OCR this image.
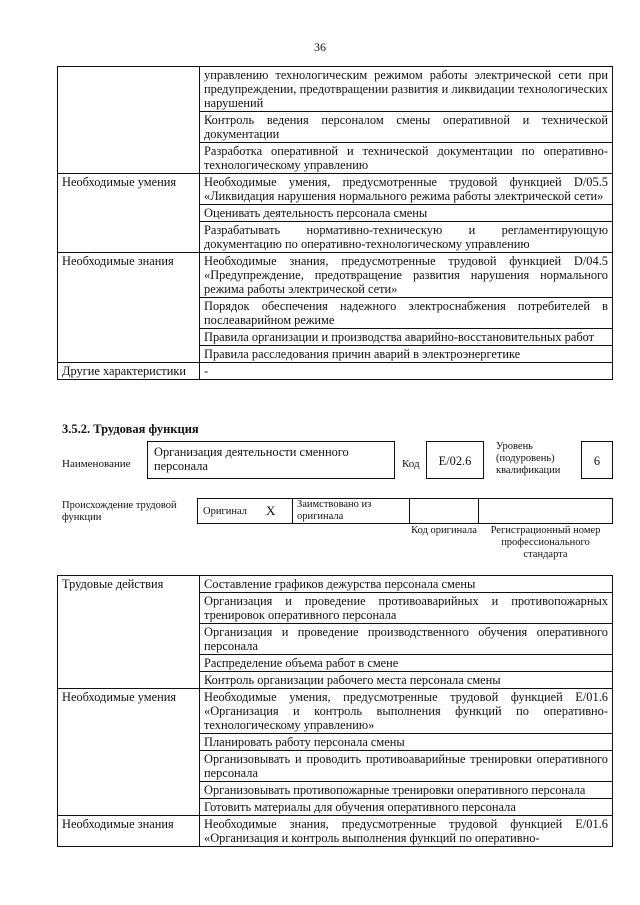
36
	управлению технологическим режимом работы электрической сети при предупреждении, предотвращении развития и ликвидации технологических нарушений
	Контроль ведения персоналом смены оперативной и технической документации
	Разработка оперативной и технической документации по оперативно-технологическому управлению
Необходимые умения	Необходимые умения, предусмотренные трудовой функцией D/05.5 «Ликвидация нарушения нормального режима работы электрической сети»
	Оценивать деятельность персонала смены
	Разрабатывать нормативно-техническую и регламентирующую документацию по оперативно-технологическому управлению
Необходимые знания	Необходимые знания, предусмотренные трудовой функцией D/04.5 «Предупреждение, предотвращение развития нарушения нормального режима работы электрической сети»
	Порядок обеспечения надежного электроснабжения потребителей в послеаварийном режиме
	Правила организации и производства аварийно-восстановительных работ
	Правила расследования причин аварий в электроэнергетике
Другие характеристики	-
3.5.2. Трудовая функция
Наименование
Организация деятельности сменного персонала	Код	E/02.6
Уровень (подуровень) квалификации
6
Происхождение трудовой функции
Оригинал X	Заимствовано из оригинала
Код оригинала	Регистрационный номер профессионального стандарта
Трудовые действия	Составление графиков дежурства персонала смены
	Организация и проведение противоаварийных и противопожарных тренировок оперативного персонала
	Организация и проведение производственного обучения оперативного персонала
	Распределение объема работ в смене
	Контроль организации рабочего места персонала смены
Необходимые умения	Необходимые умения, предусмотренные трудовой функцией E/01.6 «Организация и контроль выполнения функций по оперативно-технологическому управлению»
	Планировать работу персонала смены
	Организовывать и проводить противоаварийные тренировки оперативного персонала
	Организовывать противопожарные тренировки оперативного персонала
	Готовить материалы для обучения оперативного персонала
Необходимые знания	Необходимые знания, предусмотренные трудовой функцией E/01.6 «Организация и контроль выполнения функций по оперативно-
